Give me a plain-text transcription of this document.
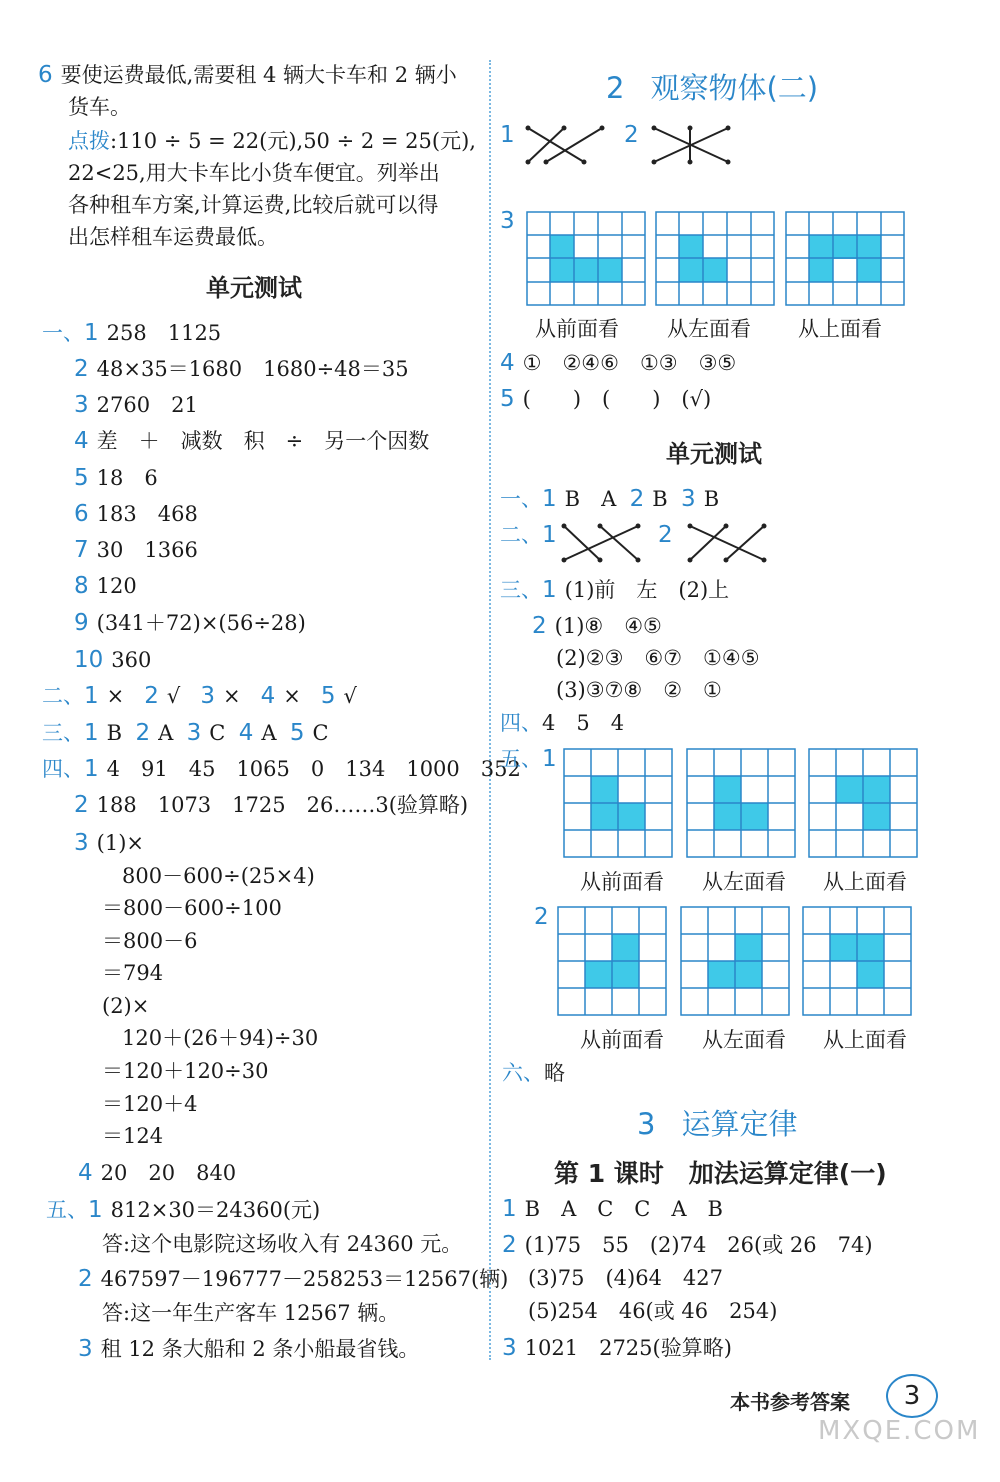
6 要使运费最低,需要租 4 辆大卡车和 2 辆小
货车。
点拨:110 ÷ 5 = 22(元),50 ÷ 2 = 25(元),
22<25,用大卡车比小货车便宜。列举出
各种租车方案,计算运费,比较后就可以得
出怎样租车运费最低。
单元测试
一、1 258　1125
2 48×35＝1680　1680÷48＝35
3 2760　21
4 差　＋　减数　积　÷　另一个因数
5 18　6
6 183　468
7 30　1366
8 120
9 (341＋72)×(56÷28)
10 360
二、1 × 2 √ 3 × 4 × 5 √
三、1 B 2 A 3 C 4 A 5 C
四、1 4　91　45　1065　0　134　1000　352
2 188　1073　1725　26……3(验算略)
3 (1)×
800－600÷(25×4)
＝800－600÷100
＝800－6
＝794
(2)×
120＋(26＋94)÷30
＝120＋120÷30
＝120＋4
＝124
4 20　20　840
五、1 812×30＝24360(元)
答:这个电影院这场收入有 24360 元。
2 467597－196777－258253＝12567(辆)
答:这一年生产客车 12567 辆。
3 租 12 条大船和 2 条小船最省钱。
2 观察物体(二)
1	2
3
从前面看 从左面看 从上面看
4 ①　②④⑥　①③　③⑤
5 (　　)　(　　)　(√)
单元测试
一、1 B　A 2 B 3 B
二、1	2
三、1 (1)前　左　(2)上
2 (1)⑧　④⑤
(2)②③　⑥⑦　①④⑤
(3)③⑦⑧　②　①
四、4　5　4
五、1
从前面看 从左面看 从上面看
2
从前面看 从左面看 从上面看
六、略
3 运算定律
第 1 课时　加法运算定律(一)
1 B　A　C　C　A　B
2 (1)75　55　(2)74　26(或 26　74)
(3)75　(4)64　427
(5)254　46(或 46　254)
3 1021　2725(验算略)
本书参考答案	3
MXQE.COM
